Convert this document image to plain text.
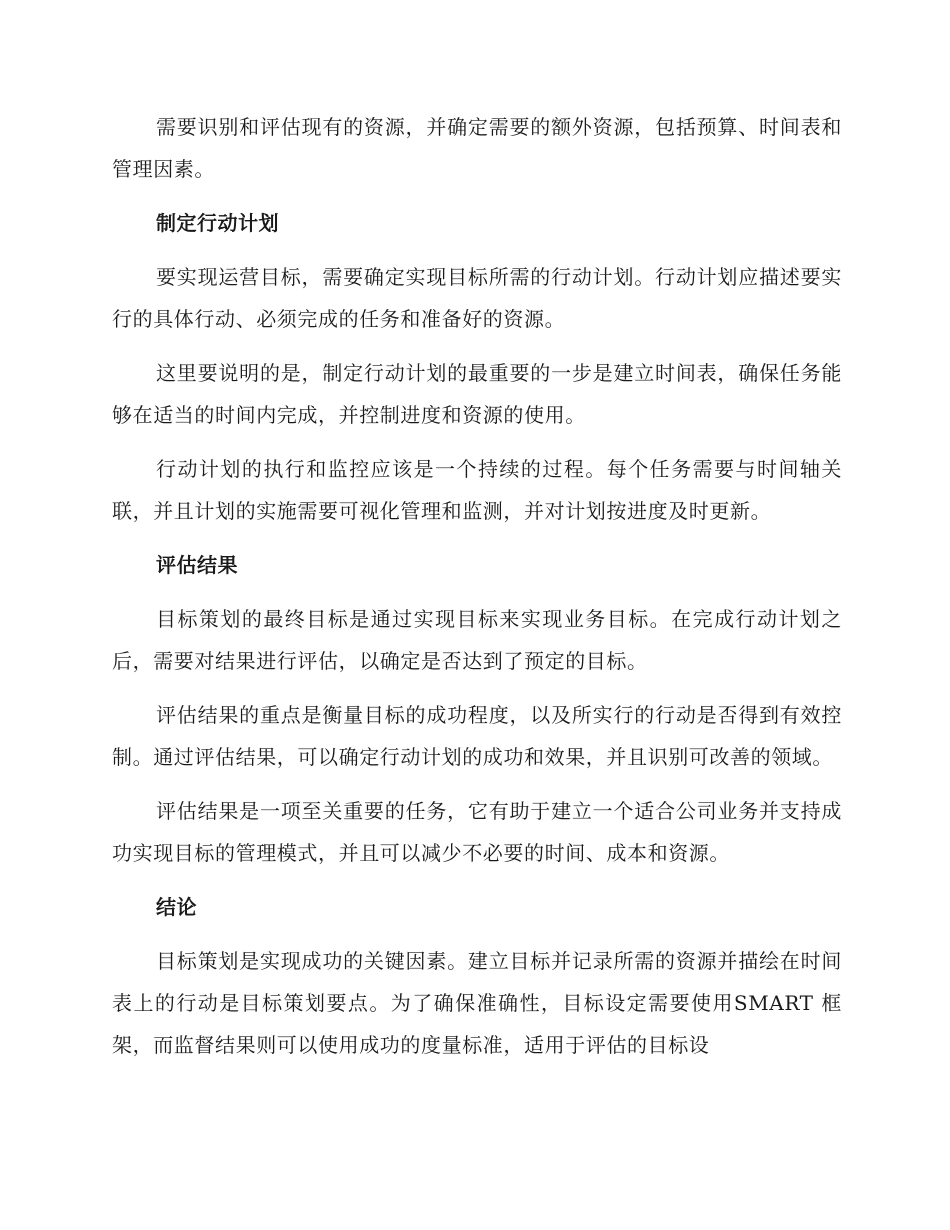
需要识别和评估现有的资源，并确定需要的额外资源，包括预算、时间表和管理因素。

制定行动计划

要实现运营目标，需要确定实现目标所需的行动计划。行动计划应描述要实行的具体行动、必须完成的任务和准备好的资源。

这里要说明的是，制定行动计划的最重要的一步是建立时间表，确保任务能够在适当的时间内完成，并控制进度和资源的使用。

行动计划的执行和监控应该是一个持续的过程。每个任务需要与时间轴关联，并且计划的实施需要可视化管理和监测，并对计划按进度及时更新。

评估结果

目标策划的最终目标是通过实现目标来实现业务目标。在完成行动计划之后，需要对结果进行评估，以确定是否达到了预定的目标。

评估结果的重点是衡量目标的成功程度，以及所实行的行动是否得到有效控制。通过评估结果，可以确定行动计划的成功和效果，并且识别可改善的领域。

评估结果是一项至关重要的任务，它有助于建立一个适合公司业务并支持成功实现目标的管理模式，并且可以减少不必要的时间、成本和资源。

结论

目标策划是实现成功的关键因素。建立目标并记录所需的资源并描绘在时间表上的行动是目标策划要点。为了确保准确性，目标设定需要使用SMART 框架，而监督结果则可以使用成功的度量标准，适用于评估的目标设
